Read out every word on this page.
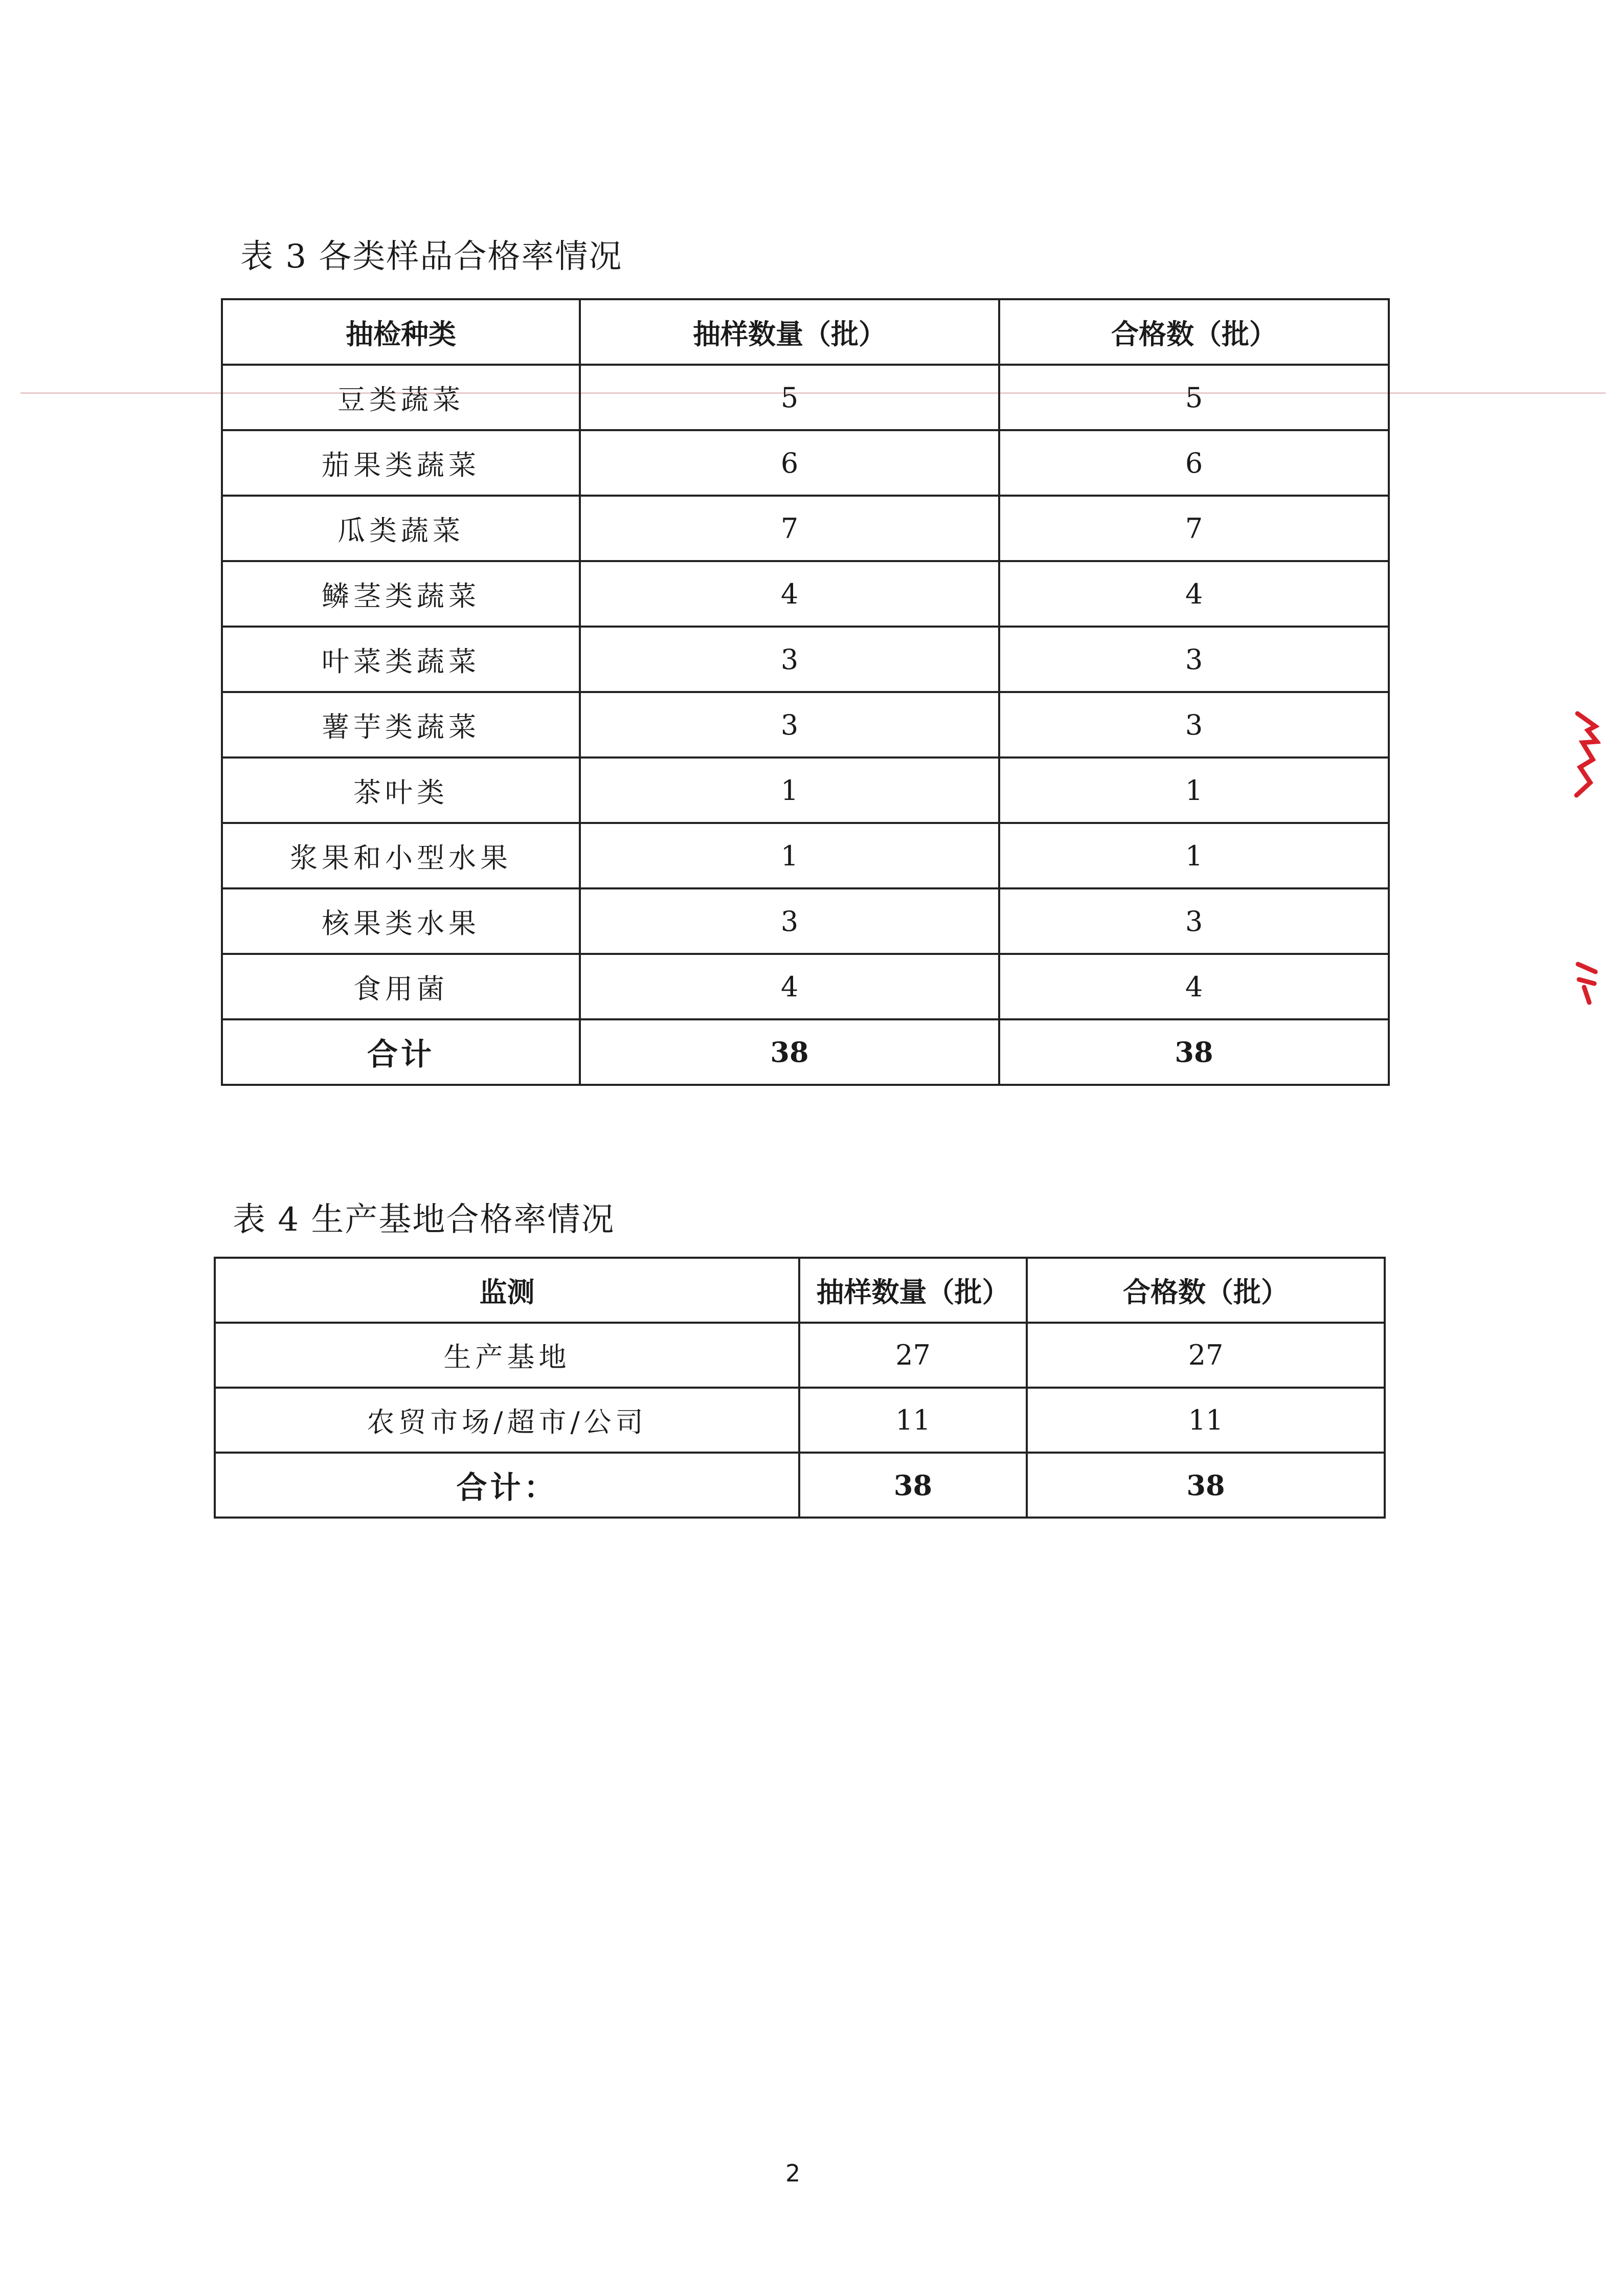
表 3 各类样品合格率情况
抽检种类	抽样数量（批）	合格数（批）
豆类蔬菜	5	5
茄果类蔬菜	6	6
瓜类蔬菜	7	7
鳞茎类蔬菜	4	4
叶菜类蔬菜	3	3
薯芋类蔬菜	3	3
茶叶类	1	1
浆果和小型水果	1	1
核果类水果	3	3
食用菌	4	4
合计	38	38
表 4 生产基地合格率情况
监测	抽样数量（批）	合格数（批）
生产基地	27	27
农贸市场/超市/公司	11	11
合计：	38	38
2
